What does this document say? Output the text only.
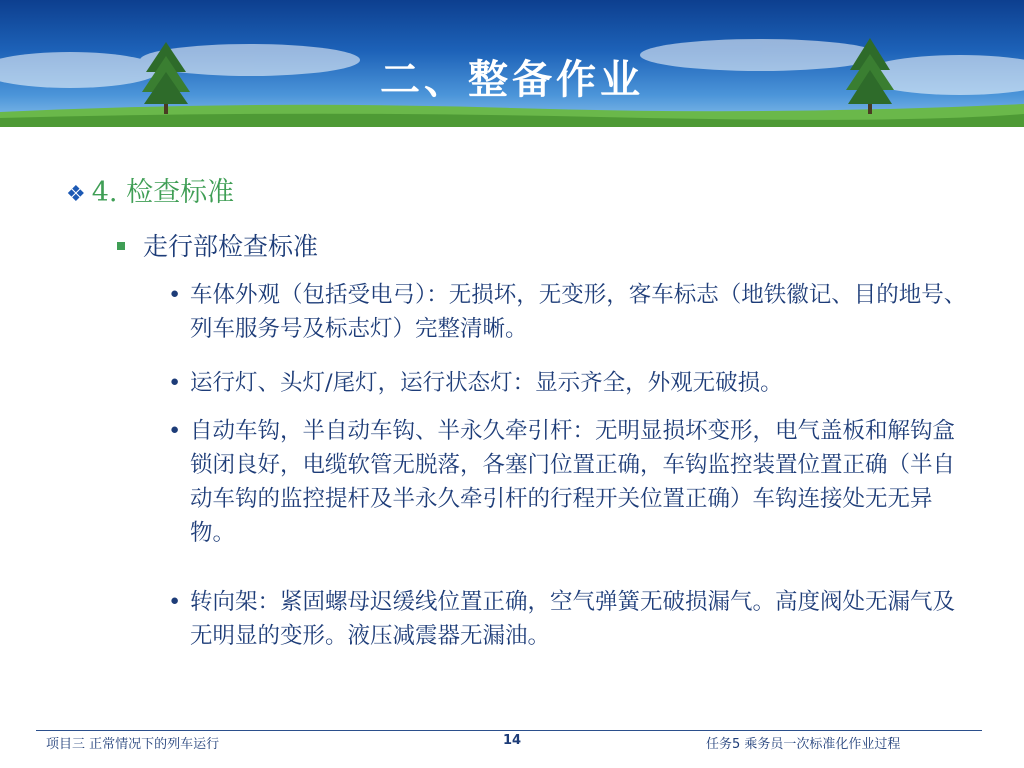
二、整备作业
❖ 4. 检查标准
走行部检查标准
• 车体外观（包括受电弓）：无损坏，无变形，客车标志（地铁徽记、目的地号、列车服务号及标志灯）完整清晰。
• 运行灯、头灯/尾灯，运行状态灯：显示齐全，外观无破损。
• 自动车钩，半自动车钩、半永久牵引杆：无明显损坏变形，电气盖板和解钩盒锁闭良好，电缆软管无脱落，各塞门位置正确，车钩监控装置位置正确（半自动车钩的监控提杆及半永久牵引杆的行程开关位置正确）车钩连接处无无异物。
• 转向架：紧固螺母迟缓线位置正确，空气弹簧无破损漏气。高度阀处无漏气及无明显的变形。液压减震器无漏油。
项目三 正常情况下的列车运行	14	任务5 乘务员一次标准化作业过程
